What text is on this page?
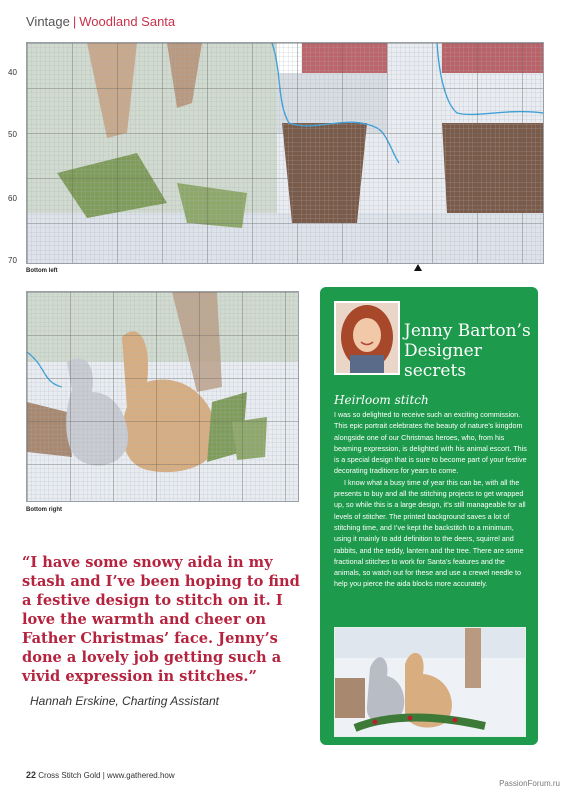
Vintage | Woodland Santa
40
50
60
70
Bottom left
Bottom right
Jenny Barton’s
Designer secrets
Heirloom stitch

I was so delighted to receive such an exciting commission. This epic portrait celebrates the beauty of nature’s kingdom alongside one of our Christmas heroes, who, from his beaming expression, is delighted with his animal escort. This is a special design that is sure to become part of your festive decorating traditions for years to come.

I know what a busy time of year this can be, with all the presents to buy and all the stitching projects to get wrapped up, so while this is a large design, it’s still manageable for all levels of stitcher. The printed background saves a lot of stitching time, and I’ve kept the backstitch to a minimum, using it mainly to add definition to the deers, squirrel and rabbits, and the teddy, lantern and the tree. There are some fractional stitches to work for Santa’s features and the animals, so watch out for these and use a crewel needle to help you pierce the aida blocks more accurately.

“I have some snowy aida in my stash and I’ve been hoping to find a festive design to stitch on it. I love the warmth and cheer on Father Christmas’ face. Jenny’s done a lovely job getting such a vivid expression in stitches.”
Hannah Erskine, Charting Assistant
22 Cross Stitch Gold | www.gathered.how
PassionForum.ru
